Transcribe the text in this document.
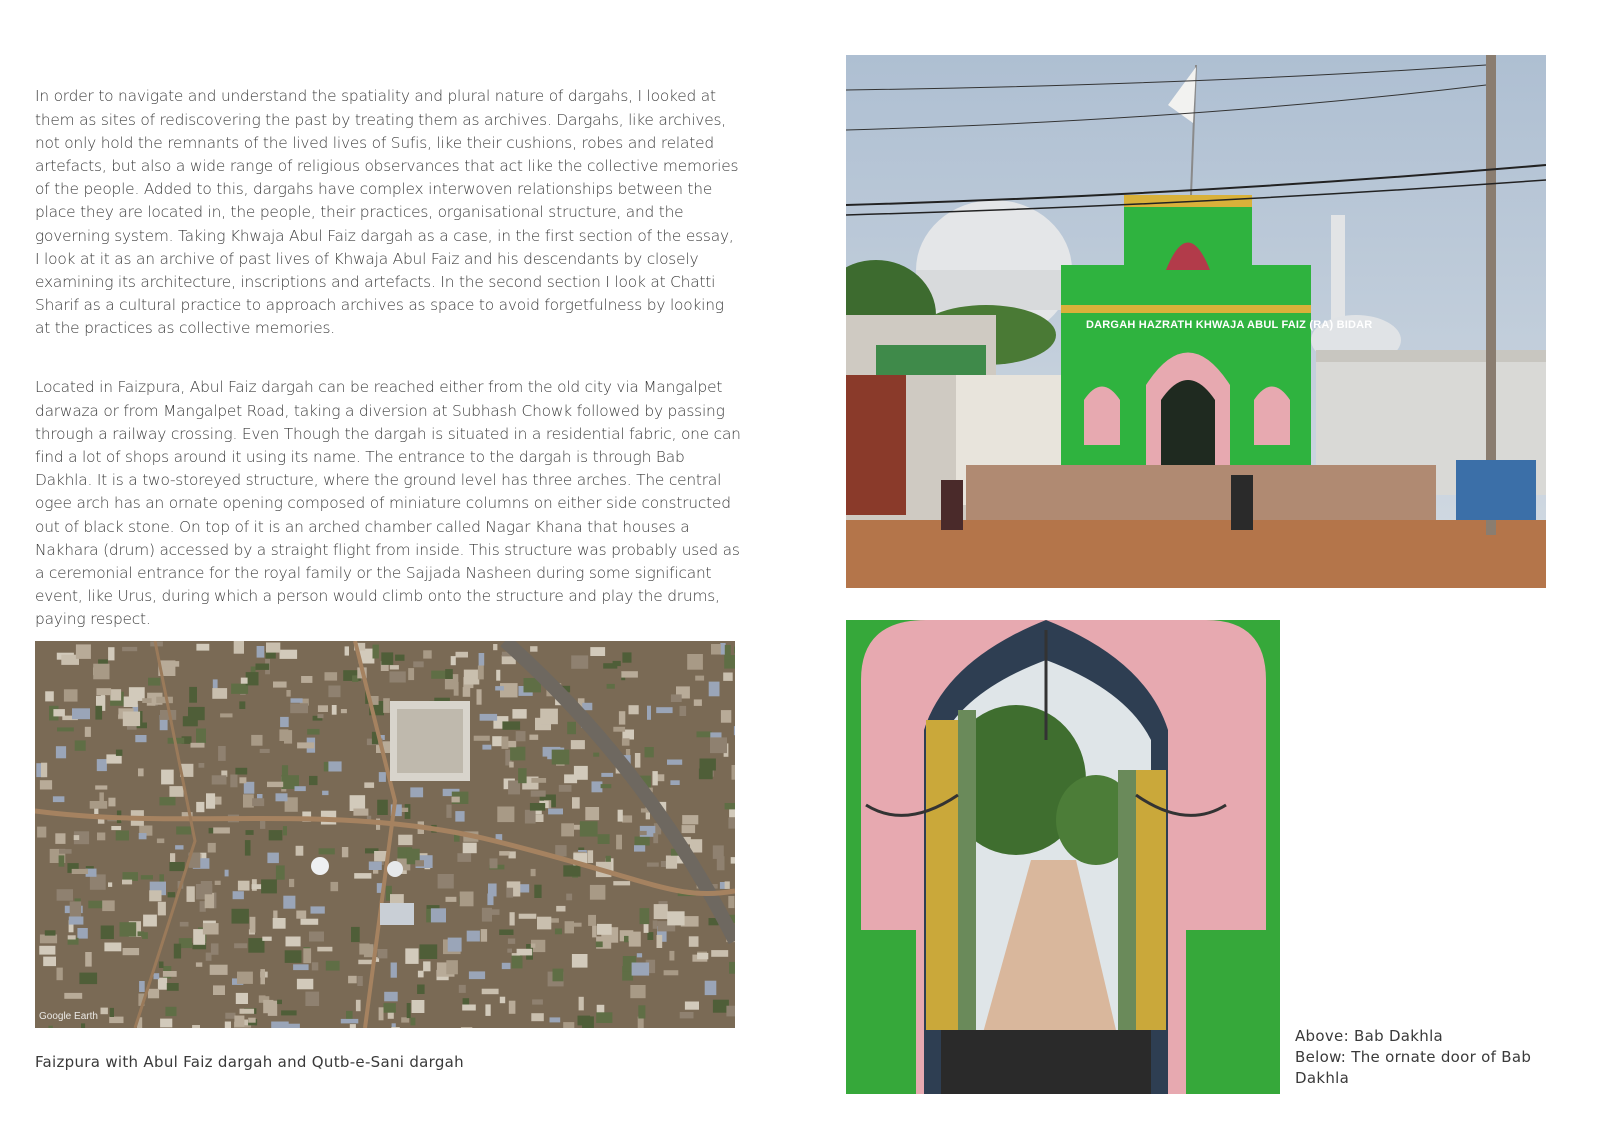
In order to navigate and understand the spatiality and plural nature of dargahs, I looked at them as sites of rediscovering the past by treating them as archives. Dargahs, like archives, not only hold the remnants of the lived lives of Sufis, like their cushions, robes and related artefacts, but also a wide range of religious observances that act like the collective memories of the people. Added to this, dargahs have complex interwoven relationships between the place they are located in, the people, their practices, organisational structure, and the governing system. Taking Khwaja Abul Faiz dargah as a case, in the first section of the essay, I look at it as an archive of past lives of Khwaja Abul Faiz and his descendants by closely examining its architecture, inscriptions and artefacts. In the second section I look at Chatti Sharif as a cultural practice to approach archives as space to avoid forgetfulness by looking at the practices as collective memories.

Located in Faizpura, Abul Faiz dargah can be reached either from the old city via Mangalpet darwaza or from Mangalpet Road, taking a diversion at Subhash Chowk followed by passing through a railway crossing. Even Though the dargah is situated in a residential fabric, one can find a lot of shops around it using its name. The entrance to the dargah is through Bab Dakhla. It is a two-storeyed structure, where the ground level has three arches. The central ogee arch has an ornate opening composed of miniature columns on either side constructed out of black stone. On top of it is an arched chamber called Nagar Khana that houses a Nakhara (drum) accessed by a straight flight from inside. This structure was probably used as a ceremonial entrance for the royal family or the Sajjada Nasheen during some significant event, like Urus, during which a person would climb onto the structure and play the drums, paying respect.

Google Earth
Faizpura with Abul Faiz dargah and Qutb-e-Sani dargah
DARGAH HAZRATH KHWAJA ABUL FAIZ (RA) BIDAR
Above: Bab Dakhla
Below: The ornate door of Bab Dakhla
